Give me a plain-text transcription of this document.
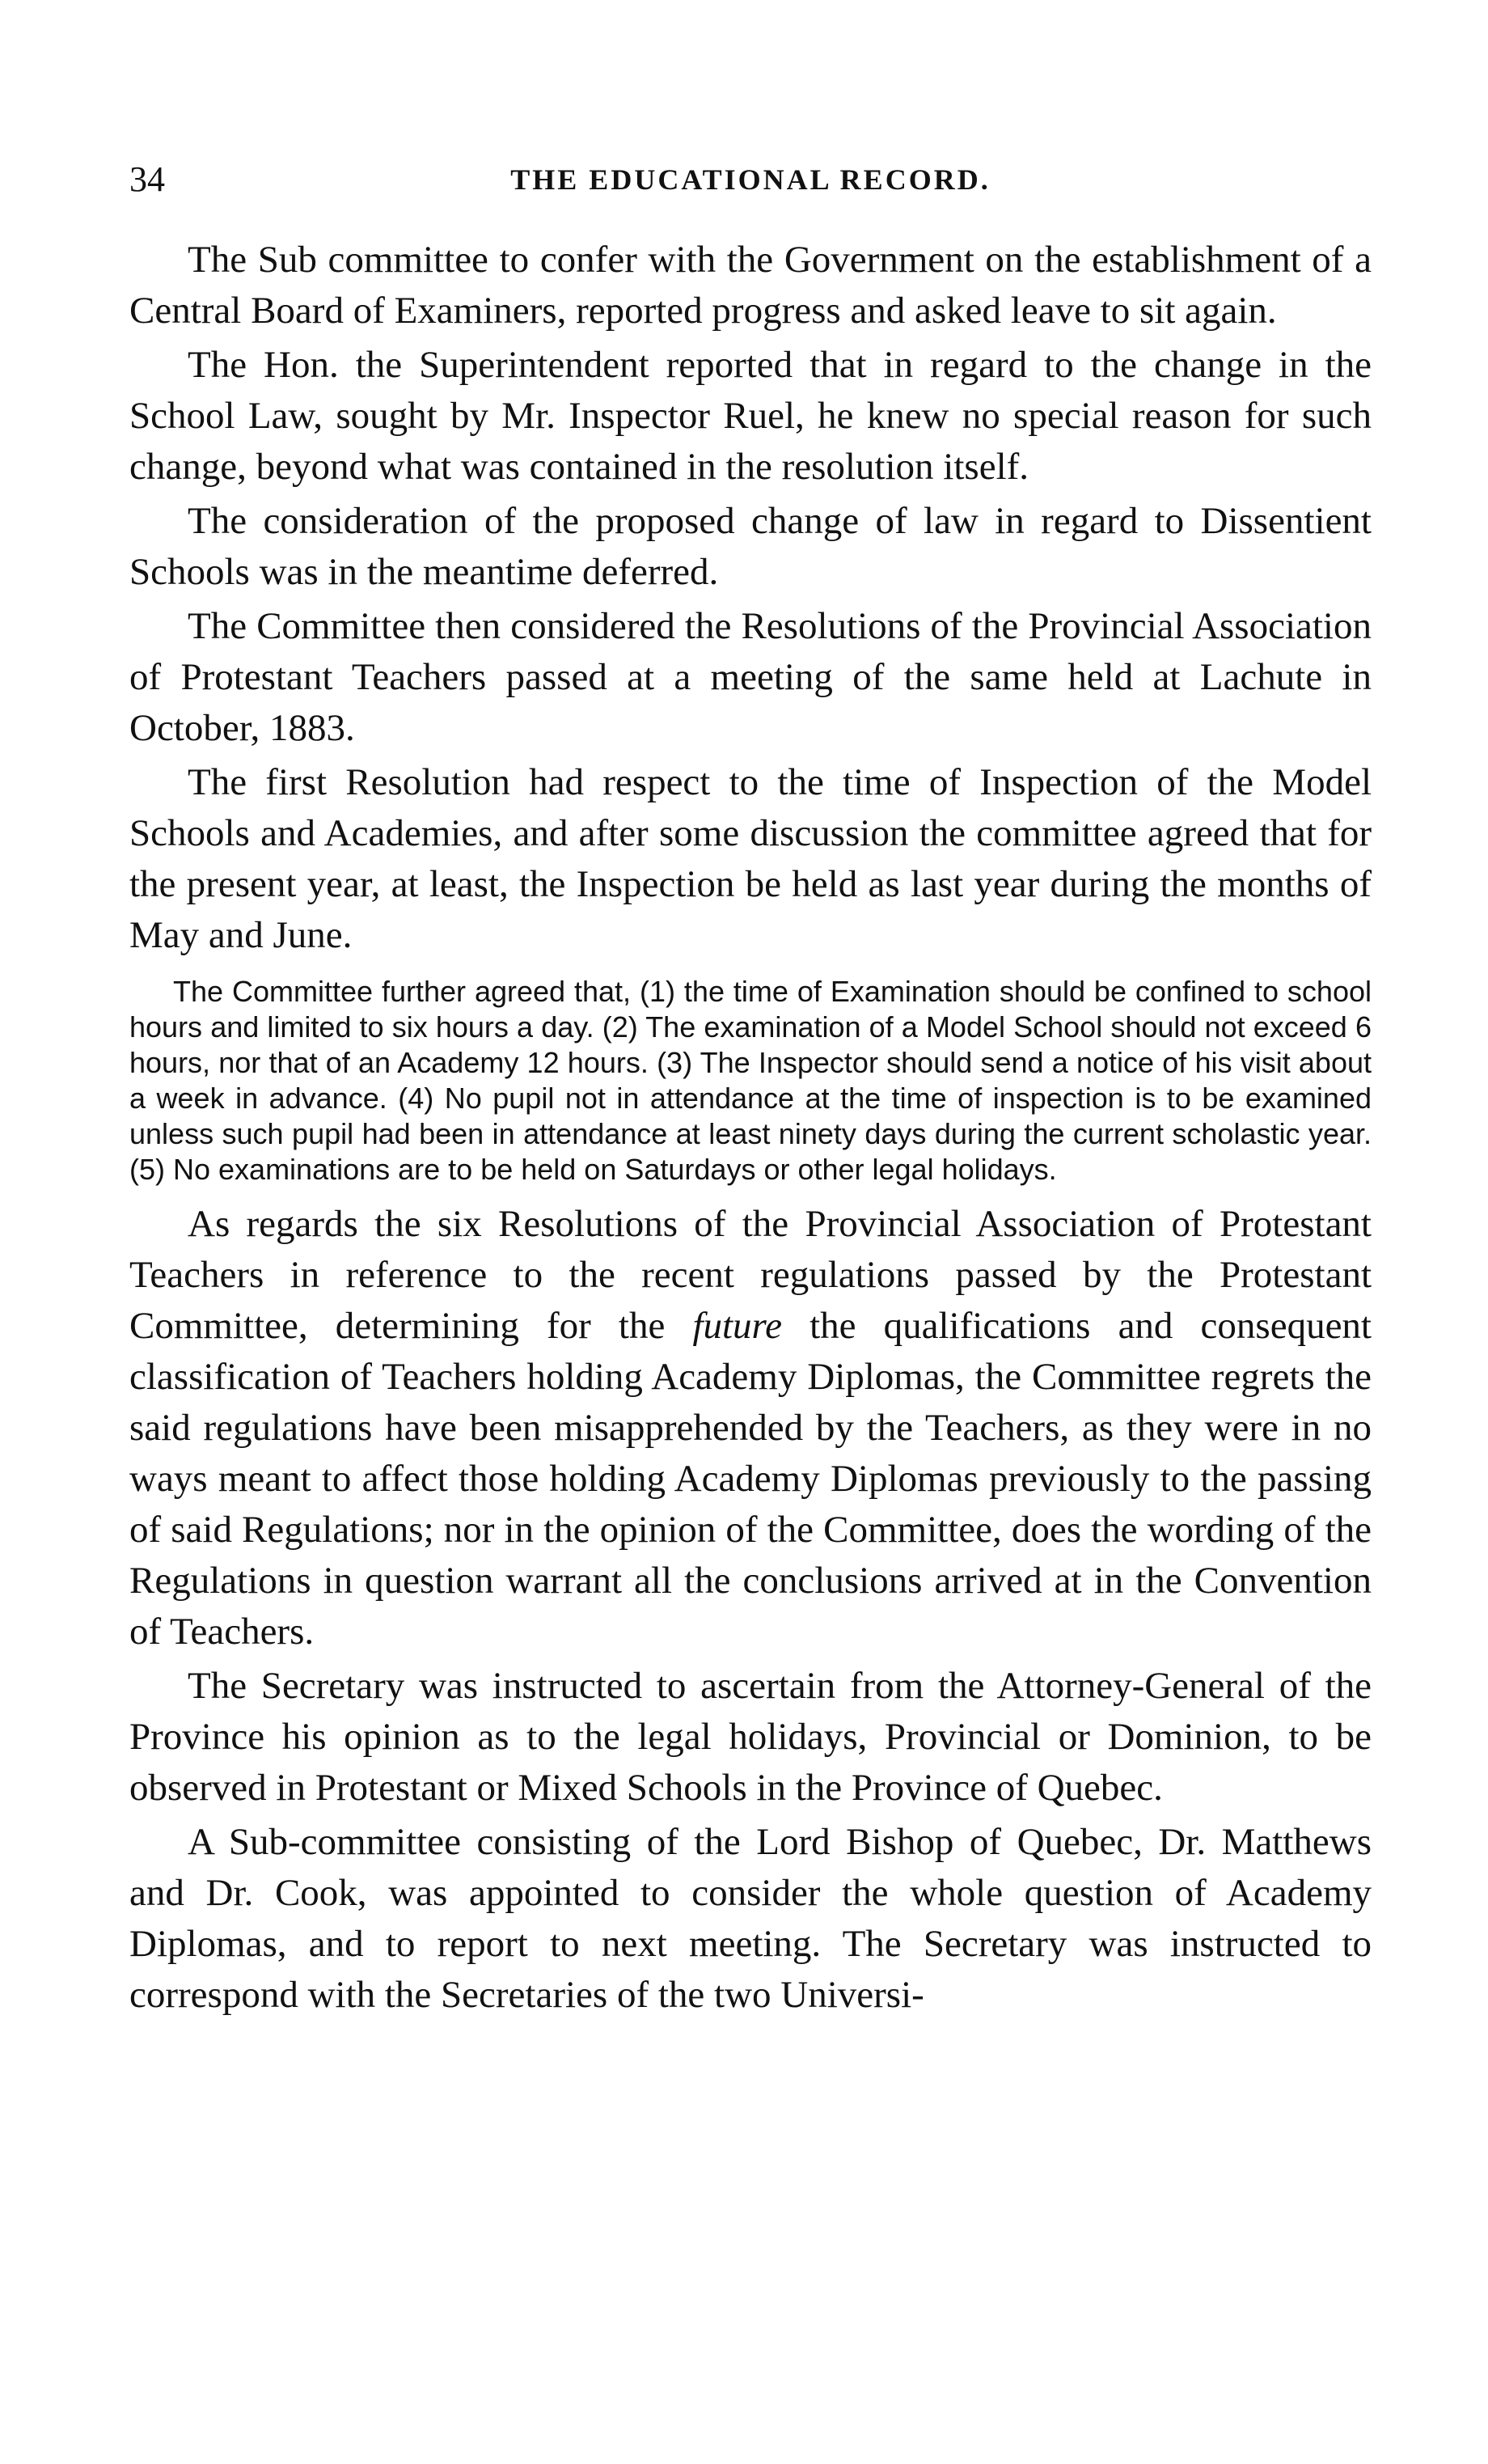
34	THE EDUCATIONAL RECORD.

The Sub committee to confer with the Government on the establishment of a Central Board of Examiners, reported progress and asked leave to sit again.

The Hon. the Superintendent reported that in regard to the change in the School Law, sought by Mr. Inspector Ruel, he knew no special reason for such change, beyond what was contained in the resolution itself.

The consideration of the proposed change of law in regard to Dissentient Schools was in the meantime deferred.

The Committee then considered the Resolutions of the Provincial Association of Protestant Teachers passed at a meeting of the same held at Lachute in October, 1883.

The first Resolution had respect to the time of Inspection of the Model Schools and Academies, and after some discussion the committee agreed that for the present year, at least, the Inspection be held as last year during the months of May and June.

The Committee further agreed that, (1) the time of Examination should be confined to school hours and limited to six hours a day. (2) The examination of a Model School should not exceed 6 hours, nor that of an Academy 12 hours. (3) The Inspector should send a notice of his visit about a week in advance. (4) No pupil not in attendance at the time of inspection is to be examined unless such pupil had been in attendance at least ninety days during the current scholastic year. (5) No examinations are to be held on Saturdays or other legal holidays.

As regards the six Resolutions of the Provincial Association of Protestant Teachers in reference to the recent regulations passed by the Protestant Committee, determining for the future the qualifications and consequent classification of Teachers holding Academy Diplomas, the Committee regrets the said regulations have been misapprehended by the Teachers, as they were in no ways meant to affect those holding Academy Diplomas previously to the passing of said Regulations; nor in the opinion of the Committee, does the wording of the Regulations in question warrant all the conclusions arrived at in the Convention of Teachers.

The Secretary was instructed to ascertain from the Attorney-General of the Province his opinion as to the legal holidays, Provincial or Dominion, to be observed in Protestant or Mixed Schools in the Province of Quebec.

A Sub-committee consisting of the Lord Bishop of Quebec, Dr. Matthews and Dr. Cook, was appointed to consider the whole question of Academy Diplomas, and to report to next meeting. The Secretary was instructed to correspond with the Secretaries of the two Universi-
